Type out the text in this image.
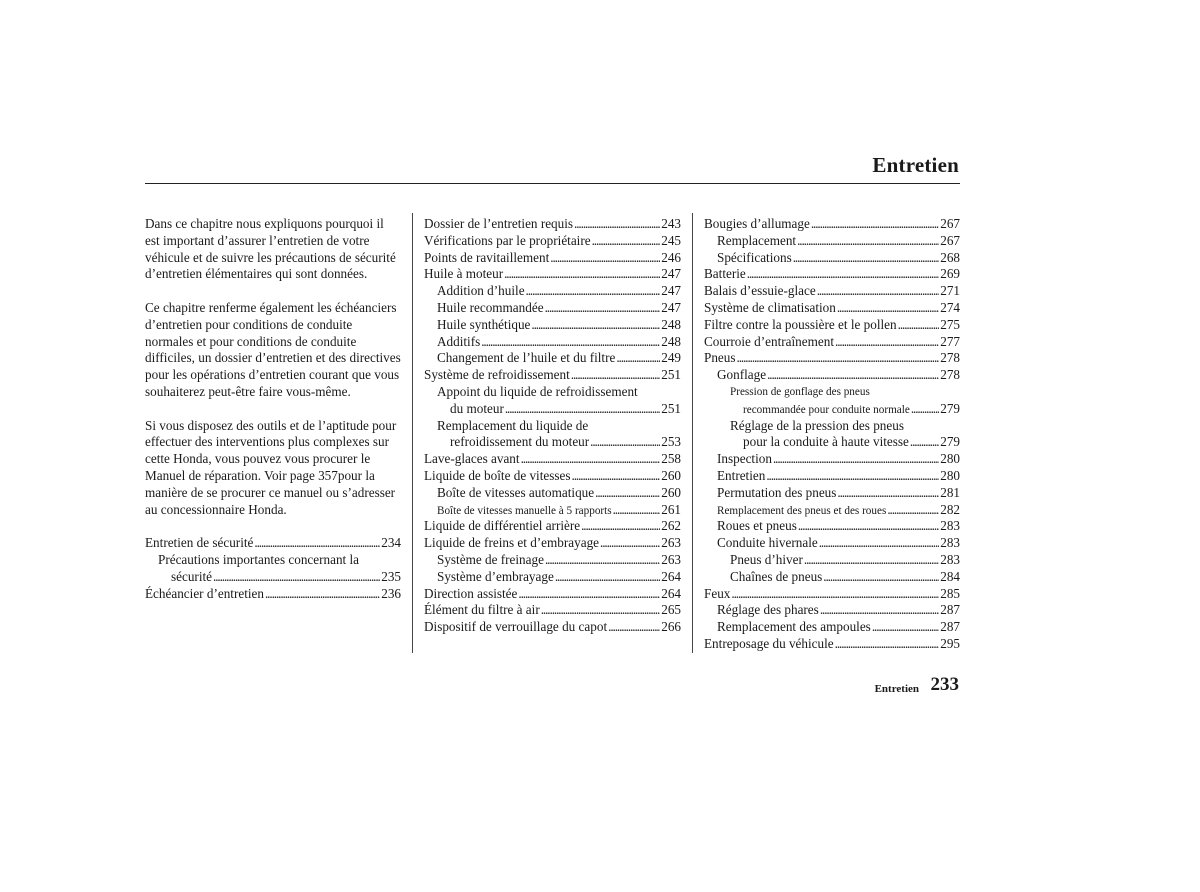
Entretien

Dans ce chapitre nous expliquons pourquoi il est important d’assurer l’entretien de votre véhicule et de suivre les précautions de sécurité d’entretien élémentaires qui sont données.

Ce chapitre renferme également les échéanciers d’entretien pour conditions de conduite normales et pour conditions de conduite difficiles, un dossier d’entretien et des directives pour les opérations d’entretien courant que vous souhaiterez peut-être faire vous-même.

Si vous disposez des outils et de l’aptitude pour effectuer des interventions plus complexes sur cette Honda, vous pouvez vous procurer le Manuel de réparation. Voir page 357pour la manière de se procurer ce manuel ou s’adresser au concessionnaire Honda.

Entretien de sécurité . . .	234
Précautions importantes concernant la
sécurité . . .	235
Échéancier d’entretien . . .	236
Dossier de l’entretien requis . . .	243
Vérifications par le propriétaire . . .	245
Points de ravitaillement . . .	246
Huile à moteur . . .	247
Addition d’huile . . .	247
Huile recommandée . . .	247
Huile synthétique . . .	248
Additifs . . .	248
Changement de l’huile et du filtre . . .	249
Système de refroidissement . . .	251
Appoint du liquide de refroidissement
du moteur . . .	251
Remplacement du liquide de
refroidissement du moteur . . .	253
Lave-glaces avant . . .	258
Liquide de boîte de vitesses . . .	260
Boîte de vitesses automatique . . .	260
Boîte de vitesses manuelle à 5 rapports . . .	261
Liquide de différentiel arrière . . .	262
Liquide de freins et d’embrayage . . .	263
Système de freinage . . .	263
Système d’embrayage . . .	264
Direction assistée . . .	264
Élément du filtre à air . . .	265
Dispositif de verrouillage du capot . . .	266
Bougies d’allumage . . .	267
Remplacement . . .	267
Spécifications . . .	268
Batterie . . .	269
Balais d’essuie-glace . . .	271
Système de climatisation . . .	274
Filtre contre la poussière et le pollen . . .	275
Courroie d’entraînement . . .	277
Pneus . . .	278
Gonflage . . .	278
Pression de gonflage des pneus
recommandée pour conduite normale . . . 279
Réglage de la pression des pneus
pour la conduite à haute vitesse . . . 279
Inspection . . .	280
Entretien . . .	280
Permutation des pneus . . .	281
Remplacement des pneus et des roues . . .	282
Roues et pneus . . .	283
Conduite hivernale . . .	283
Pneus d’hiver . . .	283
Chaînes de pneus . . .	284
Feux . . .	285
Réglage des phares . . .	287
Remplacement des ampoules . . .	287
Entreposage du véhicule . . .	295
Entretien 233
